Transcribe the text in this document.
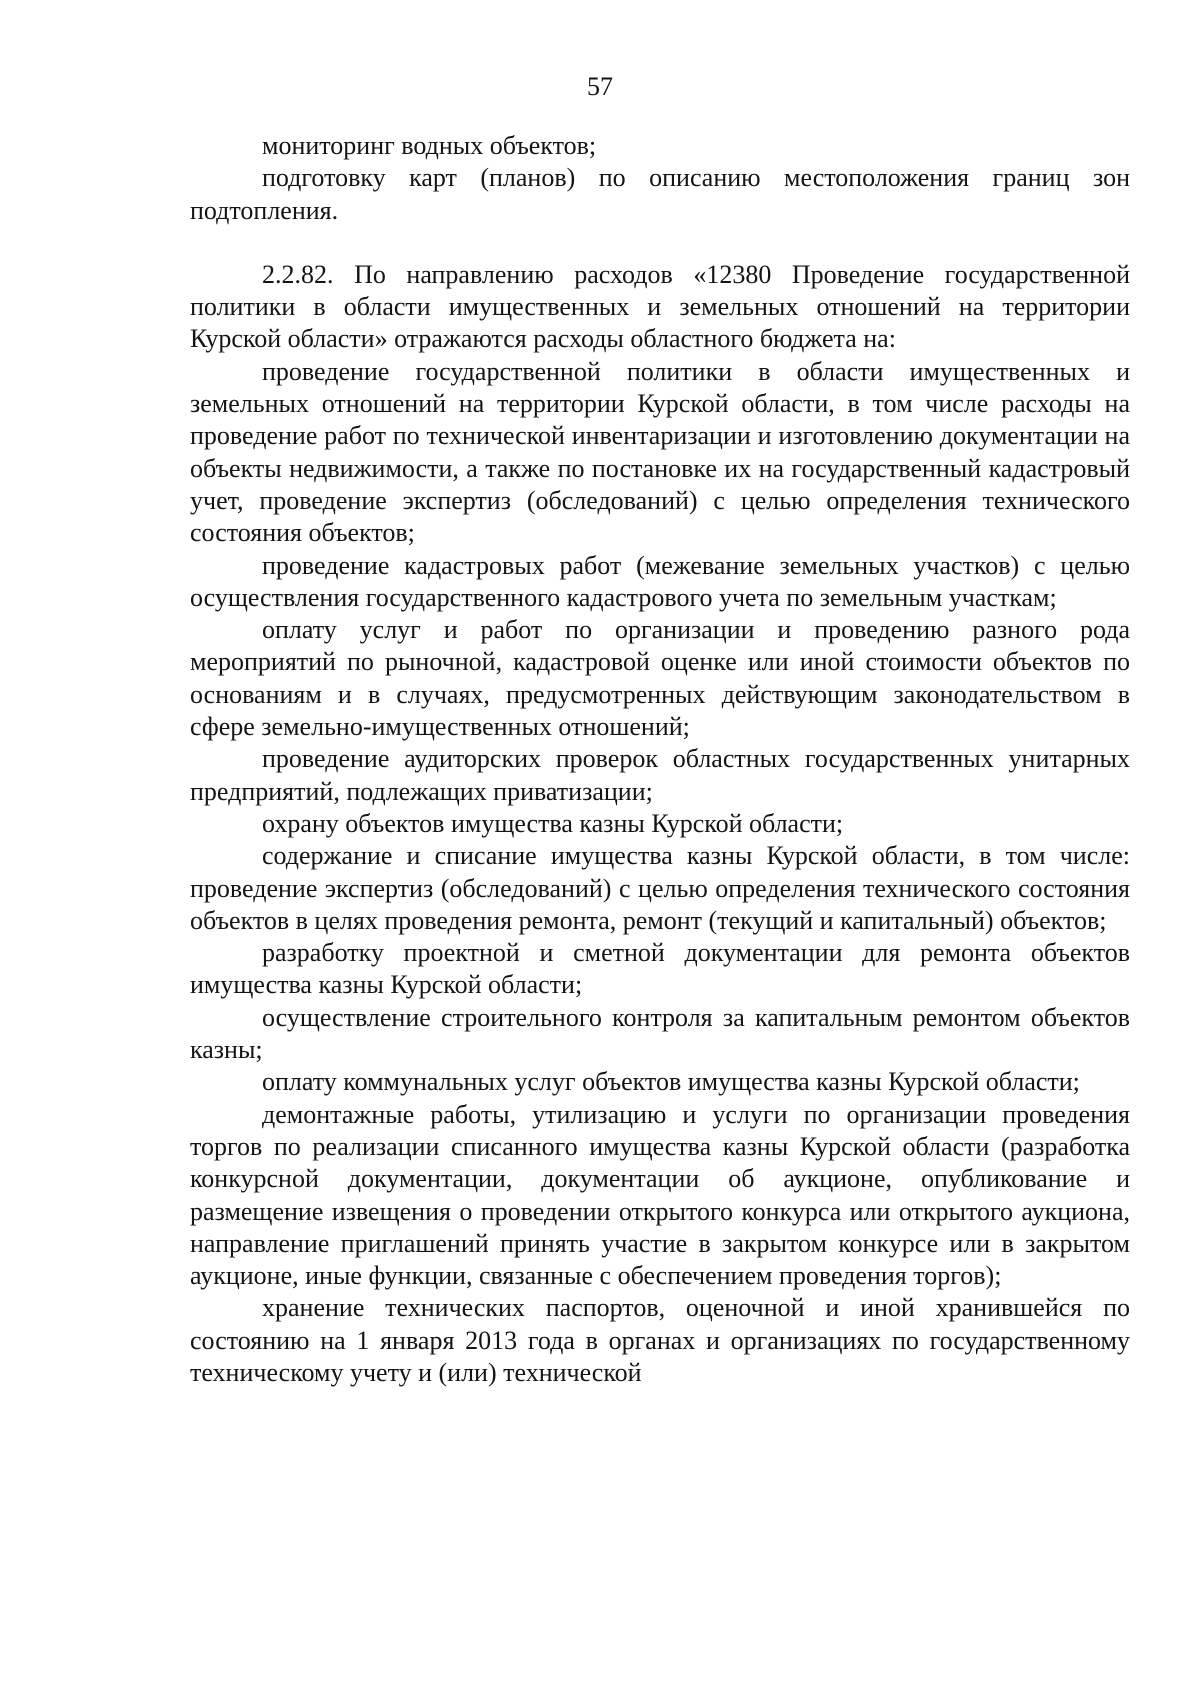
57

мониторинг водных объектов;

подготовку карт (планов) по описанию местоположения границ зон подтопления.

2.2.82. По направлению расходов «12380 Проведение государственной политики в области имущественных и земельных отношений на территории Курской области» отражаются расходы областного бюджета на:

проведение государственной политики в области имущественных и земельных отношений на территории Курской области, в том числе расходы на проведение работ по технической инвентаризации и изготовлению документации на объекты недвижимости, а также по постановке их на государственный кадастровый учет, проведение экспертиз (обследований) с целью определения технического состояния объектов;

проведение кадастровых работ (межевание земельных участков) с целью осуществления государственного кадастрового учета по земельным участкам;

оплату услуг и работ по организации и проведению разного рода мероприятий по рыночной, кадастровой оценке или иной стоимости объектов по основаниям и в случаях, предусмотренных действующим законодательством в сфере земельно-имущественных отношений;

проведение аудиторских проверок областных государственных унитарных предприятий, подлежащих приватизации;

охрану объектов имущества казны Курской области;

содержание и списание имущества казны Курской области, в том числе: проведение экспертиз (обследований) с целью определения технического состояния объектов в целях проведения ремонта, ремонт (текущий и капитальный) объектов;

разработку проектной и сметной документации для ремонта объектов имущества казны Курской области;

осуществление строительного контроля за капитальным ремонтом объектов казны;

оплату коммунальных услуг объектов имущества казны Курской области;

демонтажные работы, утилизацию и услуги по организации проведения торгов по реализации списанного имущества казны Курской области (разработка конкурсной документации, документации об аукционе, опубликование и размещение извещения о проведении открытого конкурса или открытого аукциона, направление приглашений принять участие в закрытом конкурсе или в закрытом аукционе, иные функции, связанные с обеспечением проведения торгов);

хранение технических паспортов, оценочной и иной хранившейся по состоянию на 1 января 2013 года в органах и организациях по государственному техническому учету и (или) технической
